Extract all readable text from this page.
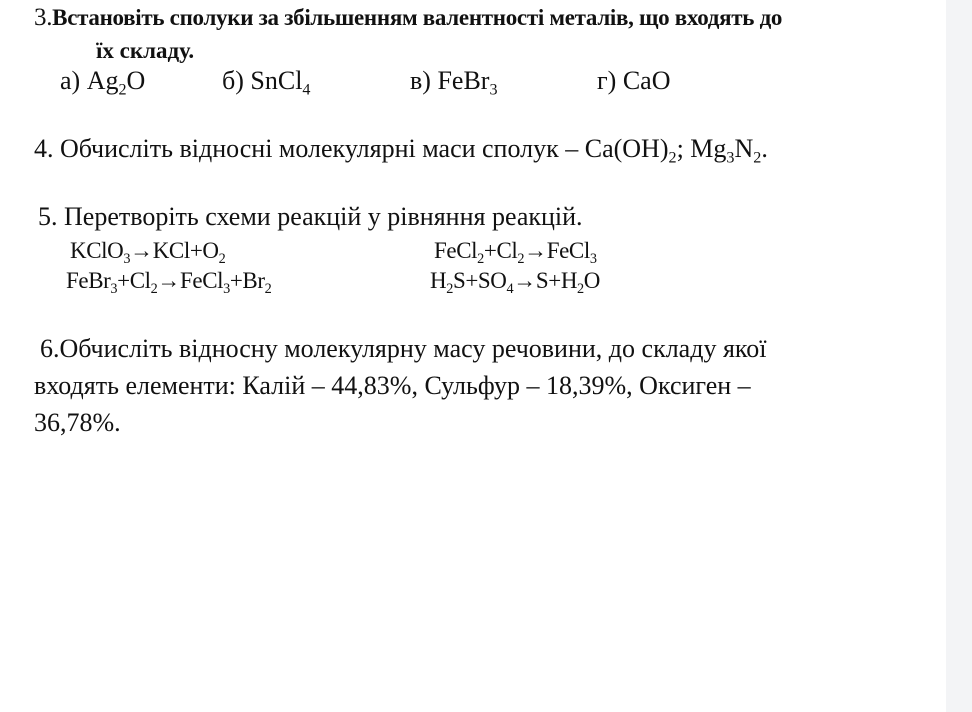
3.Встановіть сполуки за збільшенням валентності металів, що входять до
їх складу.
а) $Ag_2O$	б) SnCl$_4$	в) FeBr$_3$	г) CaO
4. Обчисліть відносні молекулярні маси сполук – $Ca(OH)_2$; $Mg_3N_2$.
5. Перетворіть схеми реакцій у рівняння реакцій.
$KClO_3\to KCl+O_2$	$FeCl_2+Cl_2\to FeCl_3$
$FeBr_3+Cl_2\to FeCl_3+Br_2$	$H_2S+SO_4\to S+H_2O$
6.Обчисліть відносну молекулярну масу речовини, до складу якої входять елементи: Калій – 44,83%, Сульфур – 18,39%, Оксиген – 36,78%.
